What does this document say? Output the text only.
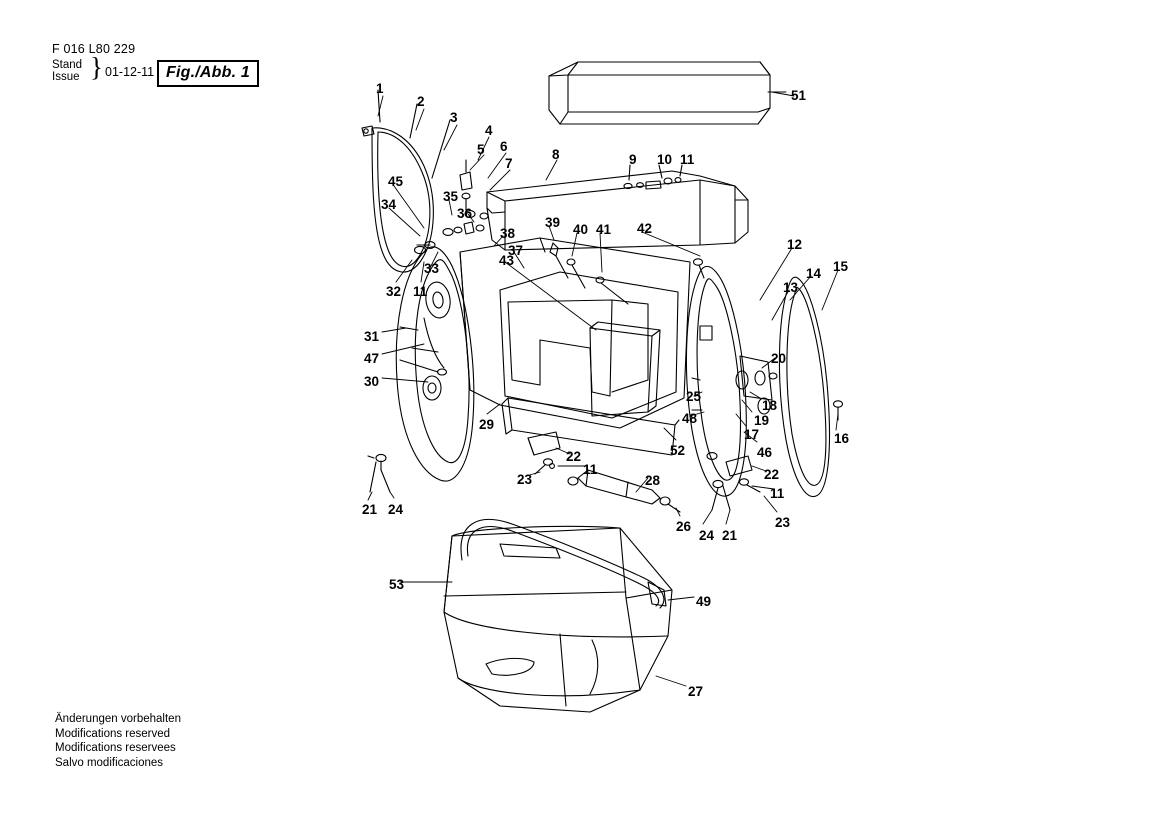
F 016 L80 229
Stand
Issue } 01-12-11 Fig./Abb. 1
Änderungen vorbehalten
Modifications reserved
Modifications reservees
Salvo modificaciones
1
2
3
4
5 6
7
8	9 10 11
45
34
35
36
38
37
39 40 41 42
43
33
32 11
12
14 15
13
31
47
30
20
25
18
19
17	16
48
46
29
52
22
11
23	28	22
11
23
26
24 21
21 24
51
53
49
27
